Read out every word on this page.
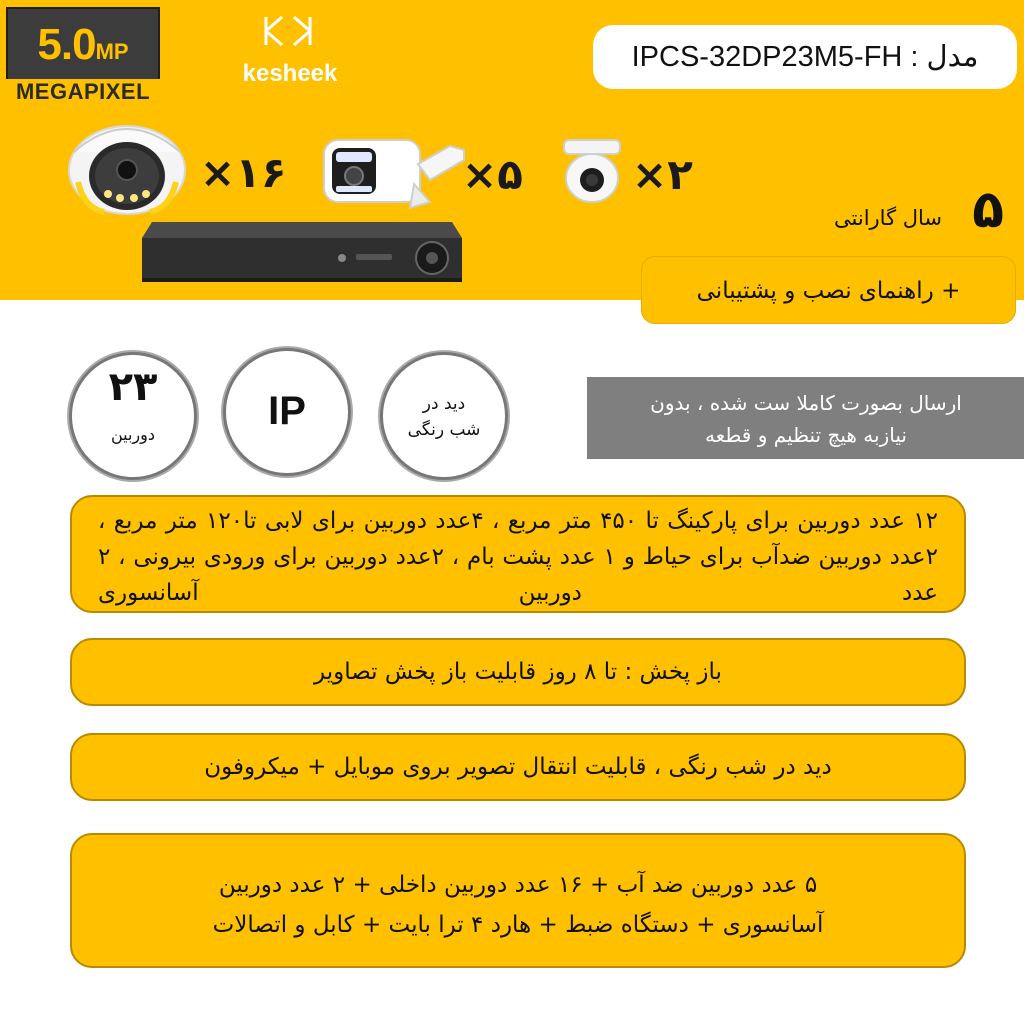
5.0MP
MEGAPIXEL
kesheek
مدل : IPCS-32DP23M5-FH
×۱۶	×۵	×۲
۵
سال گارانتی
+ راهنمای نصب و پشتیبانی
۲۳
دوربین
IP	دید در
شب رنگی
ارسال بصورت کاملا ست شده ، بدون
نیازبه هیچ تنظیم و قطعه
۱۲ عدد دوربین برای پارکینگ تا ۴۵۰ متر مربع ، ۴عدد دوربین برای لابی تا۱۲۰ متر مربع ، ۲عدد دوربین ضدآب برای حیاط و ۱ عدد پشت بام ، ۲عدد دوربین برای ورودی بیرونی ، ۲ عدد دوربین آسانسوری
باز پخش : تا ۸ روز قابلیت باز پخش تصاویر
دید در شب رنگی ، قابلیت انتقال تصویر بروی موبایل + میکروفون
۵ عدد دوربین ضد آب + ۱۶ عدد دوربین داخلی + ۲ عدد دوربین
آسانسوری + دستگاه ضبط + هارد ۴ ترا بایت + کابل و اتصالات
